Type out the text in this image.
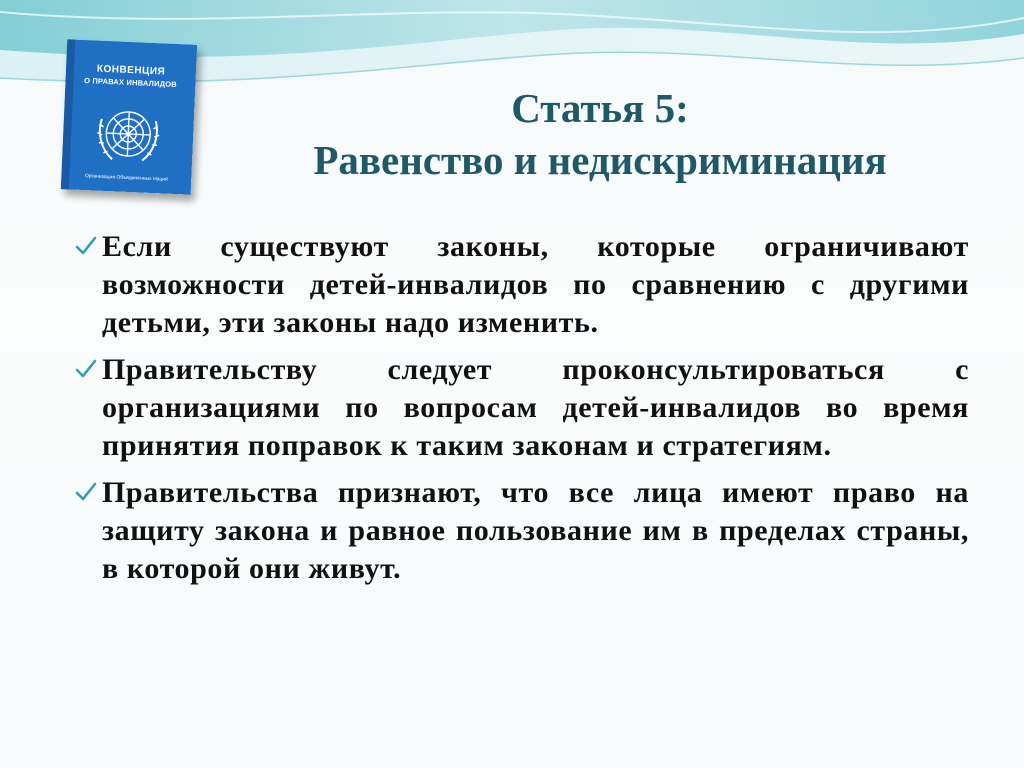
КОНВЕНЦИЯ
О ПРАВАХ ИНВАЛИДОВ
Организация Объединенных Наций
Статья 5:
Равенство и недискриминация
Если существуют законы, которые ограничивают возможности детей-инвалидов по сравнению с другими детьми, эти законы надо изменить.
Правительству следует проконсультироваться с организациями по вопросам детей-инвалидов во время принятия поправок к таким законам и стратегиям.
Правительства признают, что все лица имеют право на защиту закона и равное пользование им в пределах страны, в которой они живут.
